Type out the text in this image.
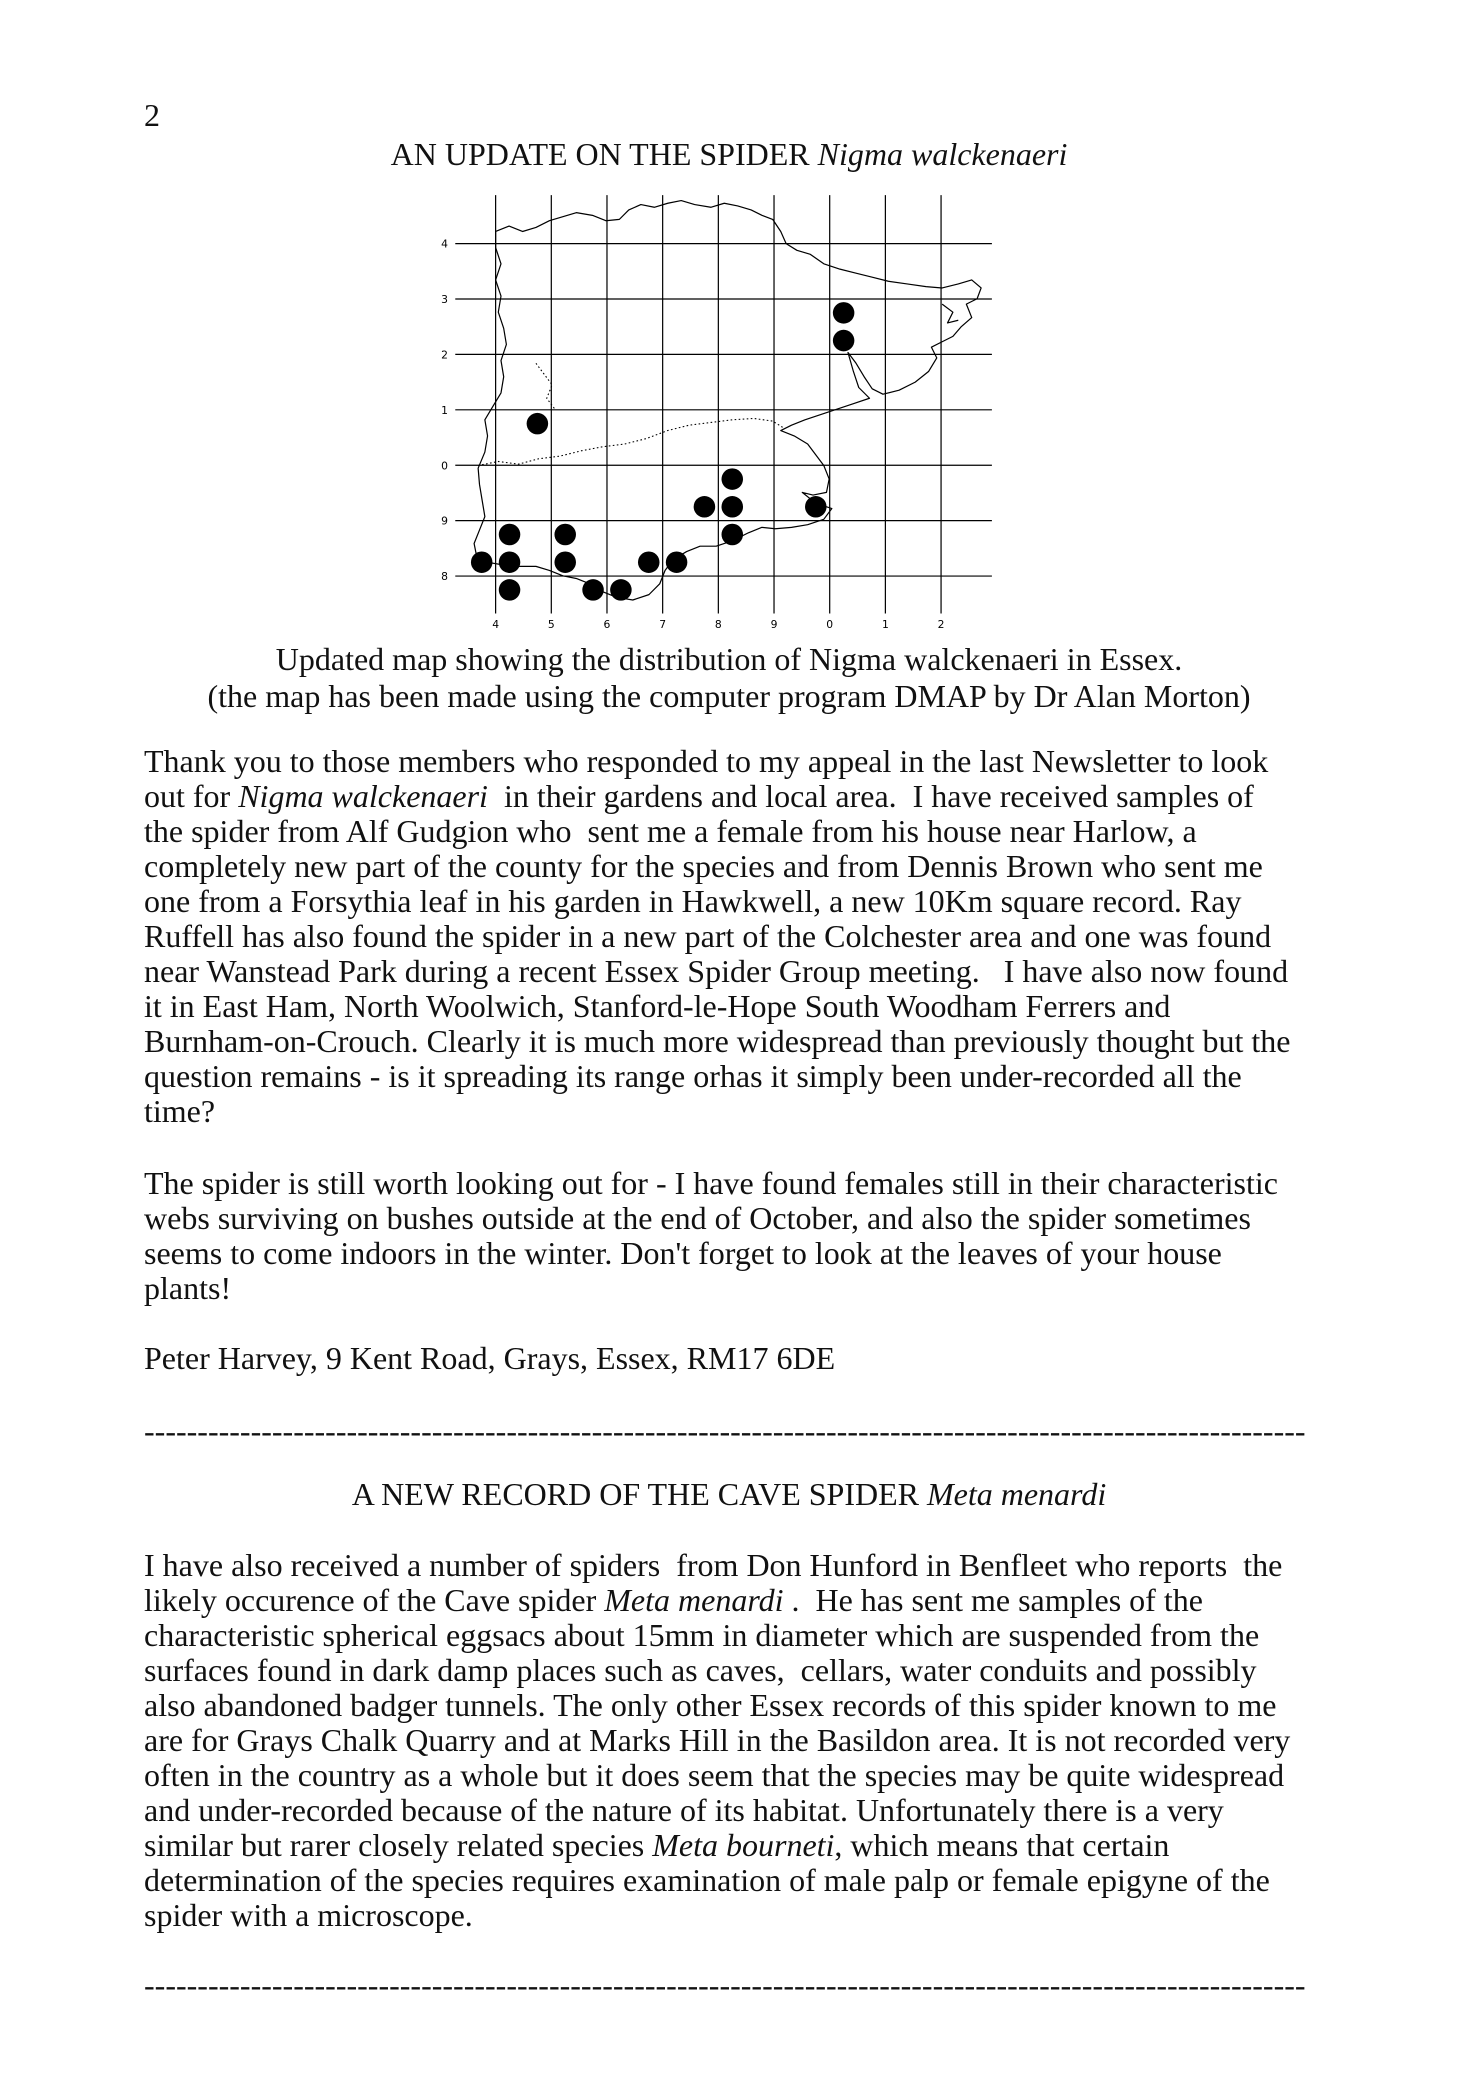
2
AN UPDATE ON THE SPIDER Nigma walckenaeri
4
3
2
1
0
9
8
4	5	6	7	8	9	0	1	2
Updated map showing the distribution of Nigma walckenaeri in Essex.
(the map has been made using the computer program DMAP by Dr Alan Morton)
Thank you to those members who responded to my appeal in the last Newsletter to look
out for Nigma walckenaeri  in their gardens and local area.  I have received samples of
the spider from Alf Gudgion who  sent me a female from his house near Harlow, a
completely new part of the county for the species and from Dennis Brown who sent me
one from a Forsythia leaf in his garden in Hawkwell, a new 10Km square record. Ray
Ruffell has also found the spider in a new part of the Colchester area and one was found
near Wanstead Park during a recent Essex Spider Group meeting.   I have also now found
it in East Ham, North Woolwich, Stanford-le-Hope South Woodham Ferrers and
Burnham-on-Crouch. Clearly it is much more widespread than previously thought but the
question remains - is it spreading its range orhas it simply been under-recorded all the
time?
The spider is still worth looking out for - I have found females still in their characteristic
webs surviving on bushes outside at the end of October, and also the spider sometimes
seems to come indoors in the winter. Don't forget to look at the leaves of your house
plants!
Peter Harvey, 9 Kent Road, Grays, Essex, RM17 6DE
-------------------------------------------------------------------------------------------------------------
A NEW RECORD OF THE CAVE SPIDER Meta menardi
I have also received a number of spiders  from Don Hunford in Benfleet who reports  the
likely occurence of the Cave spider Meta menardi .  He has sent me samples of the
characteristic spherical eggsacs about 15mm in diameter which are suspended from the
surfaces found in dark damp places such as caves,  cellars, water conduits and possibly
also abandoned badger tunnels. The only other Essex records of this spider known to me
are for Grays Chalk Quarry and at Marks Hill in the Basildon area. It is not recorded very
often in the country as a whole but it does seem that the species may be quite widespread
and under-recorded because of the nature of its habitat. Unfortunately there is a very
similar but rarer closely related species Meta bourneti, which means that certain
determination of the species requires examination of male palp or female epigyne of the
spider with a microscope.
-------------------------------------------------------------------------------------------------------------
